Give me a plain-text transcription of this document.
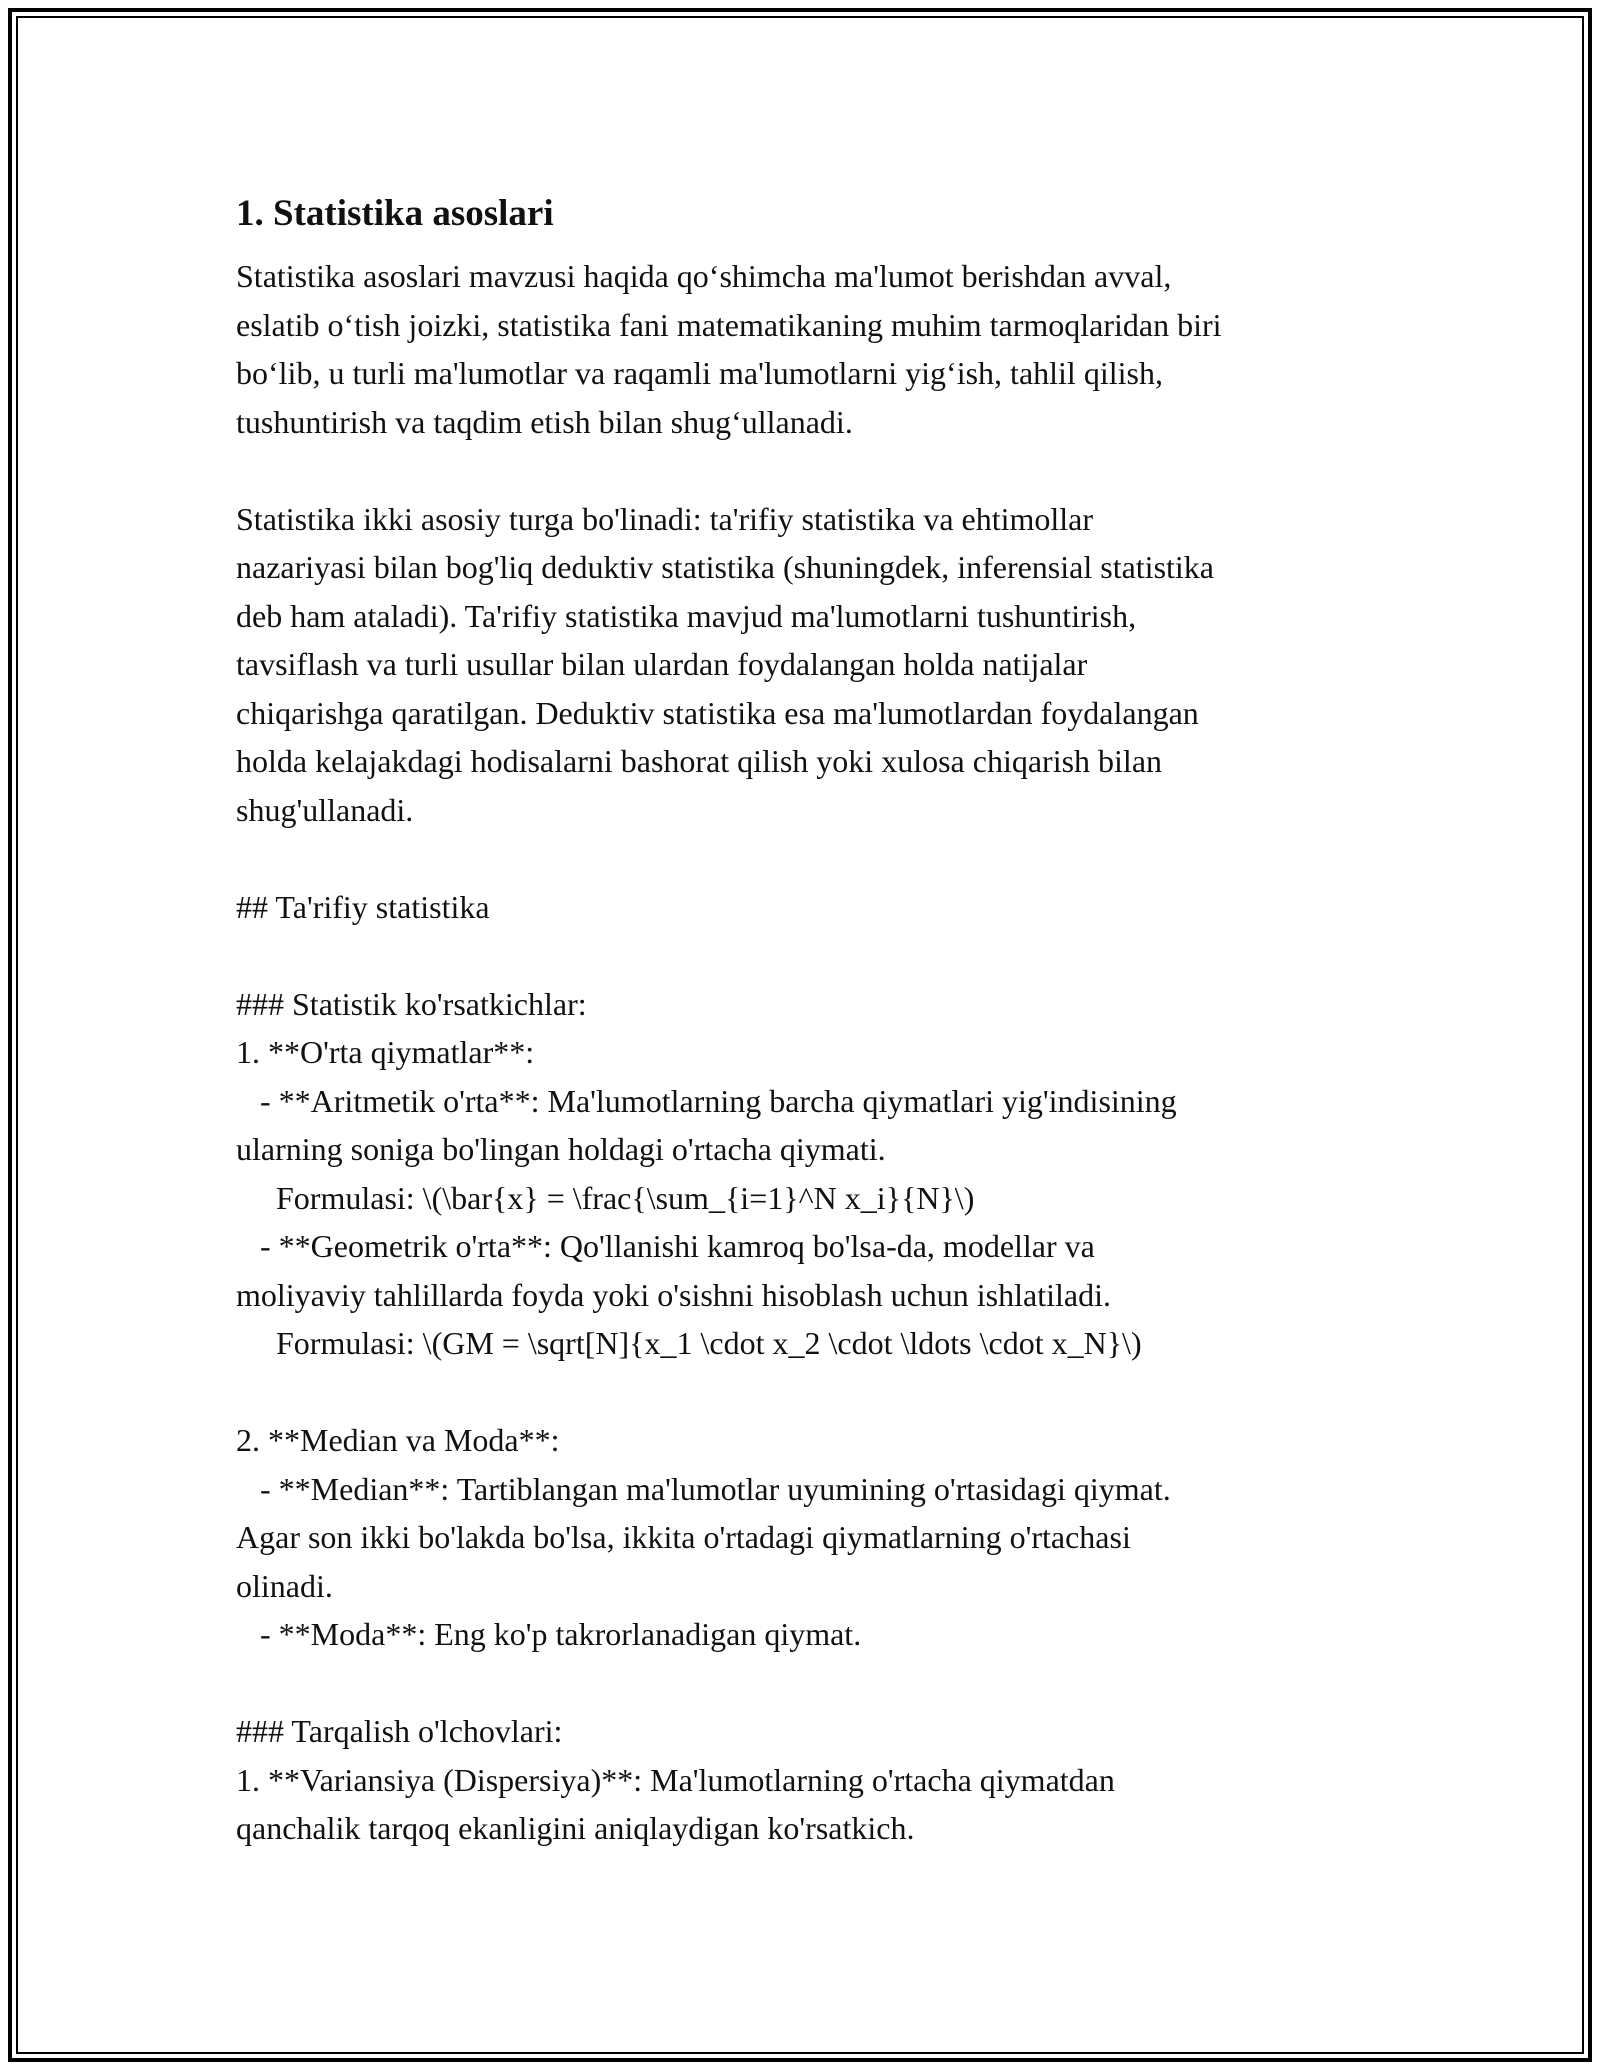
1. Statistika asoslari
Statistika asoslari mavzusi haqida qo‘shimcha ma'lumot berishdan avval,
eslatib o‘tish joizki, statistika fani matematikaning muhim tarmoqlaridan biri
bo‘lib, u turli ma'lumotlar va raqamli ma'lumotlarni yig‘ish, tahlil qilish,
tushuntirish va taqdim etish bilan shug‘ullanadi.
Statistika ikki asosiy turga bo'linadi: ta'rifiy statistika va ehtimollar
nazariyasi bilan bog'liq deduktiv statistika (shuningdek, inferensial statistika
deb ham ataladi). Ta'rifiy statistika mavjud ma'lumotlarni tushuntirish,
tavsiflash va turli usullar bilan ulardan foydalangan holda natijalar
chiqarishga qaratilgan. Deduktiv statistika esa ma'lumotlardan foydalangan
holda kelajakdagi hodisalarni bashorat qilish yoki xulosa chiqarish bilan
shug'ullanadi.
## Ta'rifiy statistika
### Statistik ko'rsatkichlar:
1. **O'rta qiymatlar**:
- **Aritmetik o'rta**: Ma'lumotlarning barcha qiymatlari yig'indisining
ularning soniga bo'lingan holdagi o'rtacha qiymati.
Formulasi: \(\bar{x} = \frac{\sum_{i=1}^N x_i}{N}\)
- **Geometrik o'rta**: Qo'llanishi kamroq bo'lsa-da, modellar va
moliyaviy tahlillarda foyda yoki o'sishni hisoblash uchun ishlatiladi.
Formulasi: \(GM = \sqrt[N]{x_1 \cdot x_2 \cdot \ldots \cdot x_N}\)
2. **Median va Moda**:
- **Median**: Tartiblangan ma'lumotlar uyumining o'rtasidagi qiymat.
Agar son ikki bo'lakda bo'lsa, ikkita o'rtadagi qiymatlarning o'rtachasi
olinadi.
- **Moda**: Eng ko'p takrorlanadigan qiymat.
### Tarqalish o'lchovlari:
1. **Variansiya (Dispersiya)**: Ma'lumotlarning o'rtacha qiymatdan
qanchalik tarqoq ekanligini aniqlaydigan ko'rsatkich.
